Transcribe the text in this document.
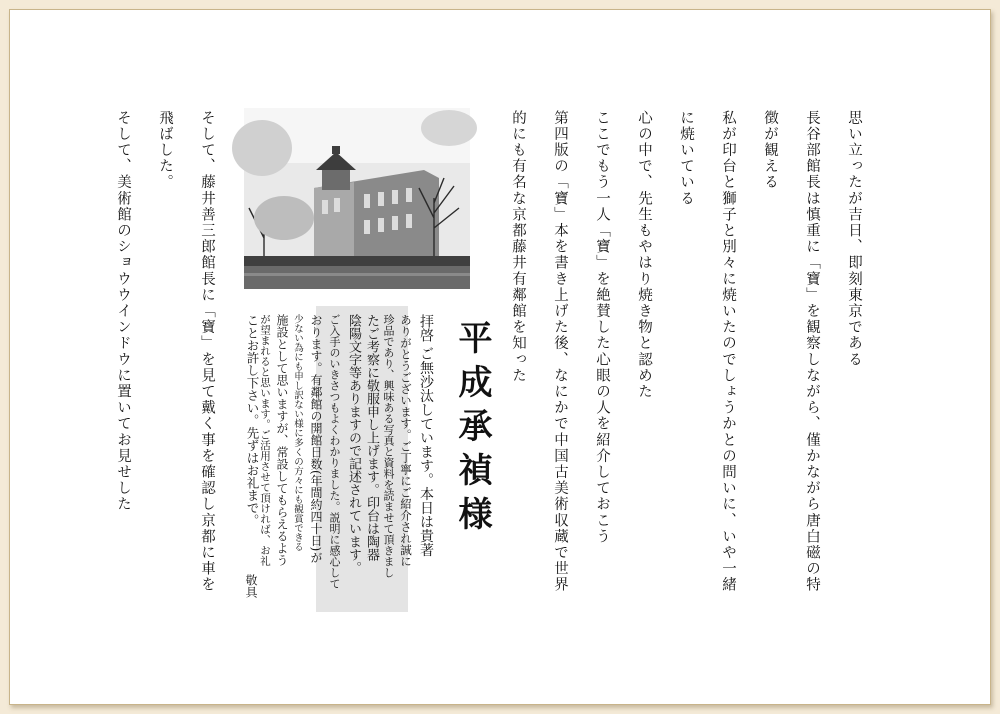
思い立ったが吉日、即刻東京である
長谷部館長は慎重に「寶」を観察しながら、僅かながら唐白磁の特
徴が観える
私が印台と獅子と別々に焼いたのでしょうかとの問いに、いや一緒
に焼いている
心の中で、先生もやはり焼き物と認めた
ここでもう一人「寶」を絶賛した心眼の人を紹介しておこう
第四版の「寶」本を書き上げた後、なにかで中国古美術収蔵で世界
的にも有名な京都藤井有鄰館を知った
そして、藤井善三郎館長に「寶」を見て戴く事を確認し京都に車を
飛ばした。
そして、美術館のショウウインドウに置いてお見せした	平成承禎様
拝啓 ご無沙汰しています。本日は貴著
ありがとうございます。ご丁寧にご紹介され誠に
珍品であり、興味ある写真と資料を読ませて頂きまし
たご考察に敬服申し上げます。印台は陶器
陰陽文字等ありますので記述されています。
ご入手のいきさつもよくわかりました。説明に感心して
おります。有鄰館の開館日数(年間約四十日)が
少ない為にも申し訳ない様に多くの方々にも観賞できる
施設として思いますが、常設してもらえるよう
が望まれると思います。ご活用させて頂ければ、お礼
ことお許し下さい。先ずはお礼まで。
敬具
